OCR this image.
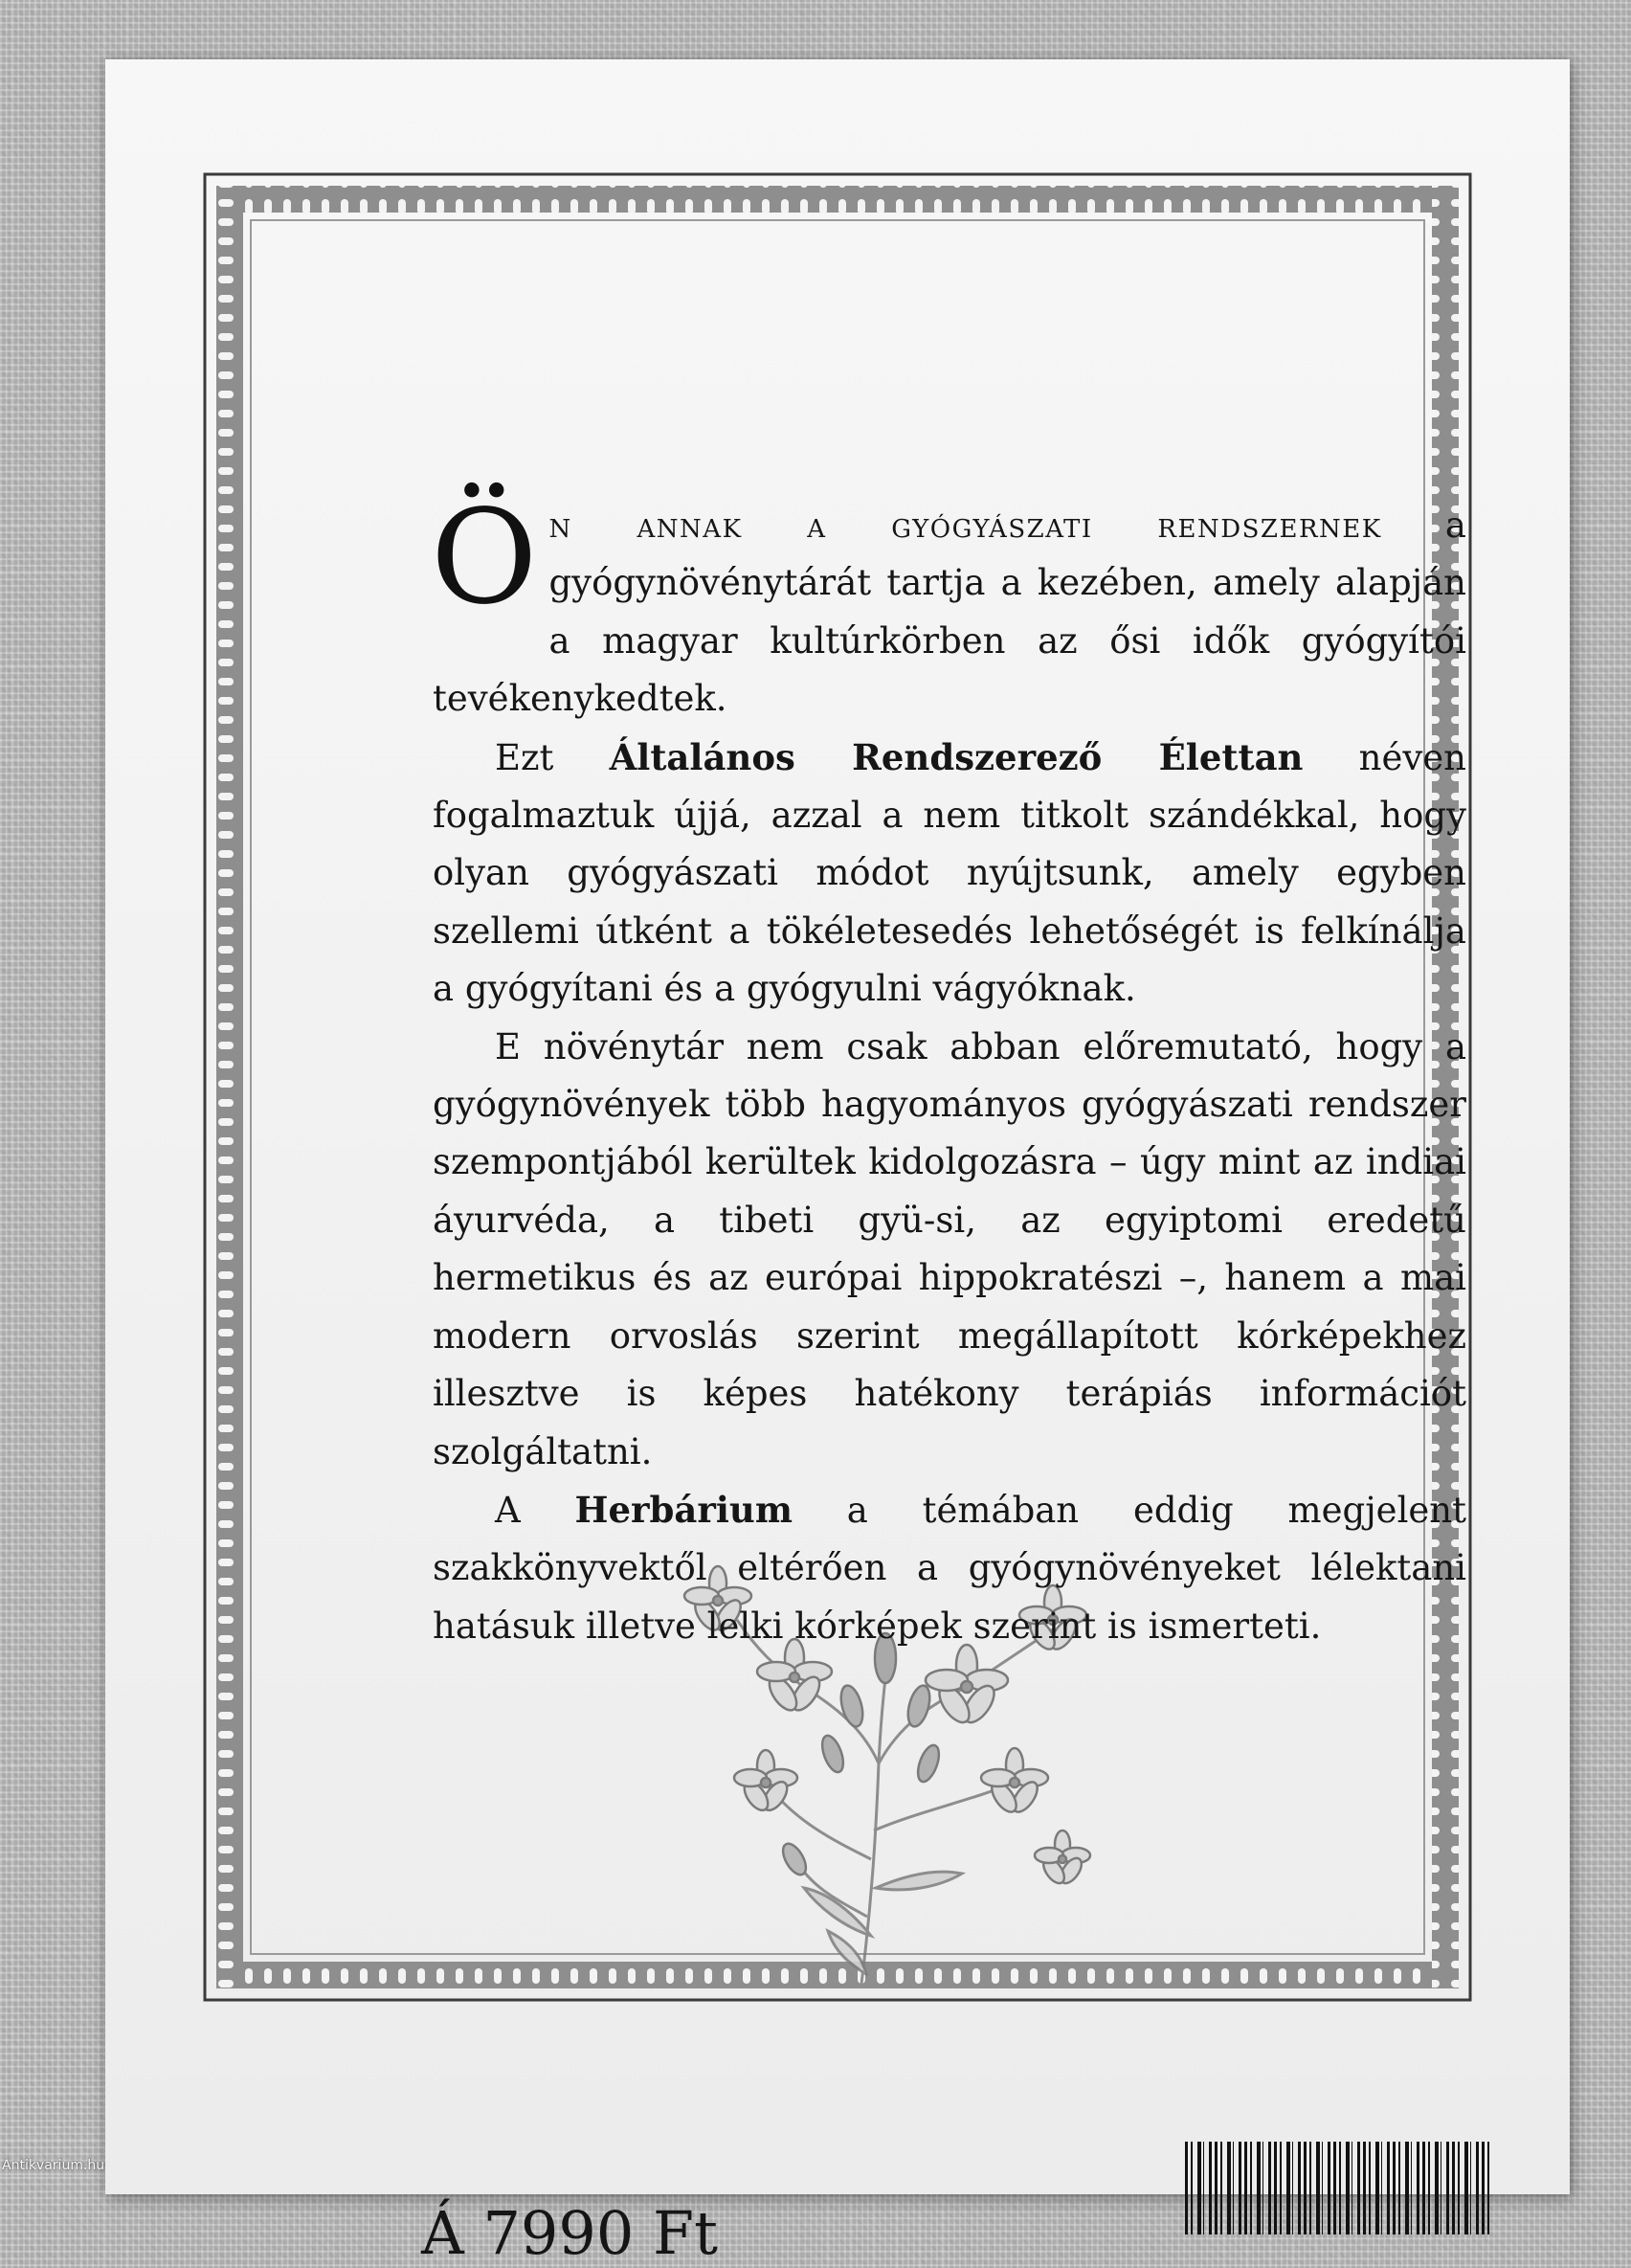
Ö n annak a gyógyászati rendszernek a gyógynövénytárát tartja a kezében, amely alapján a magyar kultúrkörben az ősi idők gyógyítói tevékenykedtek.

Ezt Általános Rendszerező Élettan néven fogalmaztuk újjá, azzal a nem titkolt szándékkal, hogy olyan gyógyászati módot nyújtsunk, amely egyben szellemi útként a tökéletesedés lehetőségét is felkínálja a gyógyítani és a gyógyulni vágyóknak.

E növénytár nem csak abban előremutató, hogy a gyógynövények több hagyományos gyógyászati rendszer szempontjából kerültek kidolgozásra – úgy mint az indiai áyurvéda, a tibeti gyü-si, az egyiptomi eredetű hermetikus és az európai hippokratészi –, hanem a mai modern orvoslás szerint megállapított kórképekhez illesztve is képes hatékony terápiás információt szolgáltatni.

A Herbárium a témában eddig megjelent szakkönyvektől eltérően a gyógynövényeket lélektani hatásuk illetve lelki kórképek szerint is ismerteti.

Á 7990 Ft
Antikvarium.hu
